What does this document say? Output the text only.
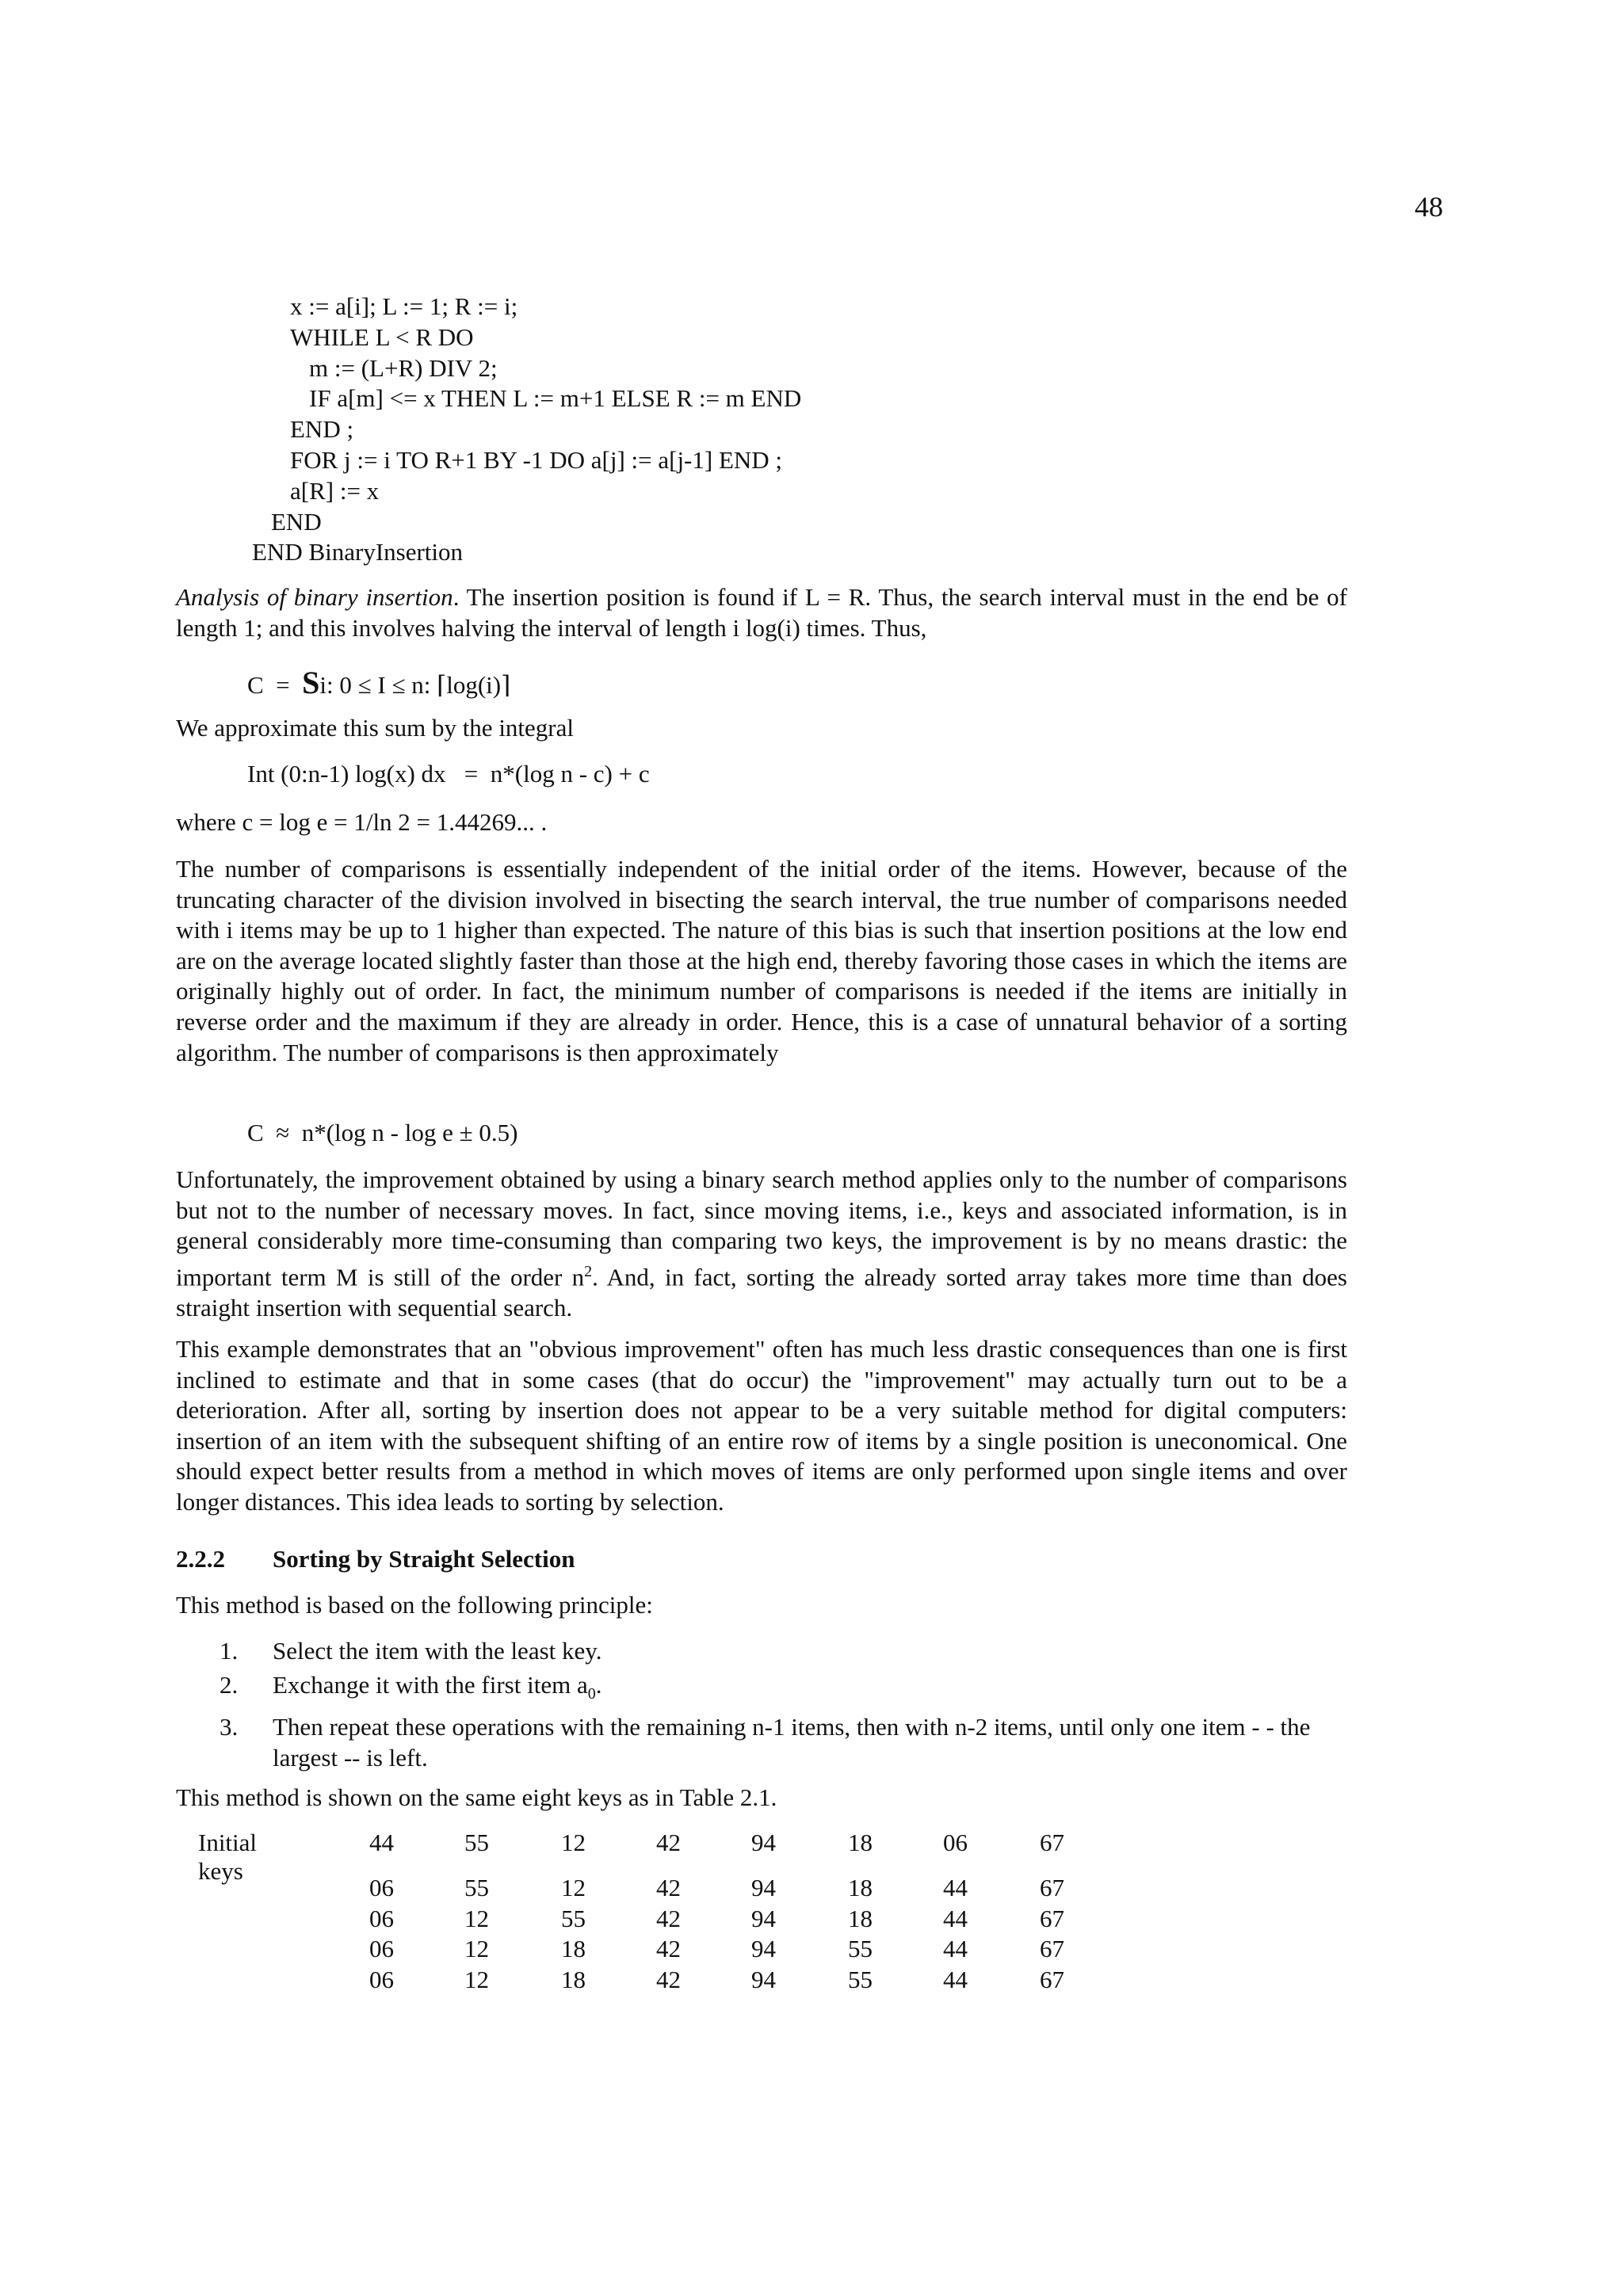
48
x := a[i]; L := 1; R := i;
WHILE L < R DO
m := (L+R) DIV 2;
IF a[m] <= x THEN L := m+1 ELSE R := m END
END ;
FOR j := i TO R+1 BY -1 DO a[j] := a[j-1] END ;
a[R] := x
END
END BinaryInsertion
Analysis of binary insertion. The insertion position is found if L = R. Thus, the search interval must in the end be of length 1; and this involves halving the interval of length i log(i) times. Thus,
C  =  Si: 0 ≤ I ≤ n: ⌈log(i)⌉
We approximate this sum by the integral
Int (0:n-1) log(x) dx   =  n*(log n - c) + c
where c = log e = 1/ln 2 = 1.44269... .
The number of comparisons is essentially independent of the initial order of the items. However, because of the truncating character of the division involved in bisecting the search interval, the true number of comparisons needed with i items may be up to 1 higher than expected. The nature of this bias is such that insertion positions at the low end are on the average located slightly faster than those at the high end, thereby favoring those cases in which the items are originally highly out of order. In fact, the minimum number of comparisons is needed if the items are initially in reverse order and the maximum if they are already in order. Hence, this is a case of unnatural behavior of a sorting algorithm. The number of comparisons is then approximately
C  ≈  n*(log n - log e ± 0.5)
Unfortunately, the improvement obtained by using a binary search method applies only to the number of comparisons but not to the number of necessary moves. In fact, since moving items, i.e., keys and associated information, is in general considerably more time-consuming than comparing two keys, the improvement is by no means drastic: the important term M is still of the order $n^2$. And, in fact, sorting the already sorted array takes more time than does straight insertion with sequential search.
This example demonstrates that an "obvious improvement" often has much less drastic consequences than one is first inclined to estimate and that in some cases (that do occur) the "improvement" may actually turn out to be a deterioration. After all, sorting by insertion does not appear to be a very suitable method for digital computers: insertion of an item with the subsequent shifting of an entire row of items by a single position is uneconomical. One should expect better results from a method in which moves of items are only performed upon single items and over longer distances. This idea leads to sorting by selection.
2.2.2 Sorting by Straight Selection
This method is based on the following principle:
1. Select the item with the least key.
2. Exchange it with the first item $a_0$.
3. Then repeat these operations with the remaining n-1 items, then with n-2 items, until only one item - - the largest -- is left.
This method is shown on the same eight keys as in Table 2.1.
Initial keys
44	55	12	42	94	18	06	67
06	55	12	42	94	18	44	67
06	12	55	42	94	18	44	67
06	12	18	42	94	55	44	67
06	12	18	42	94	55	44	67
